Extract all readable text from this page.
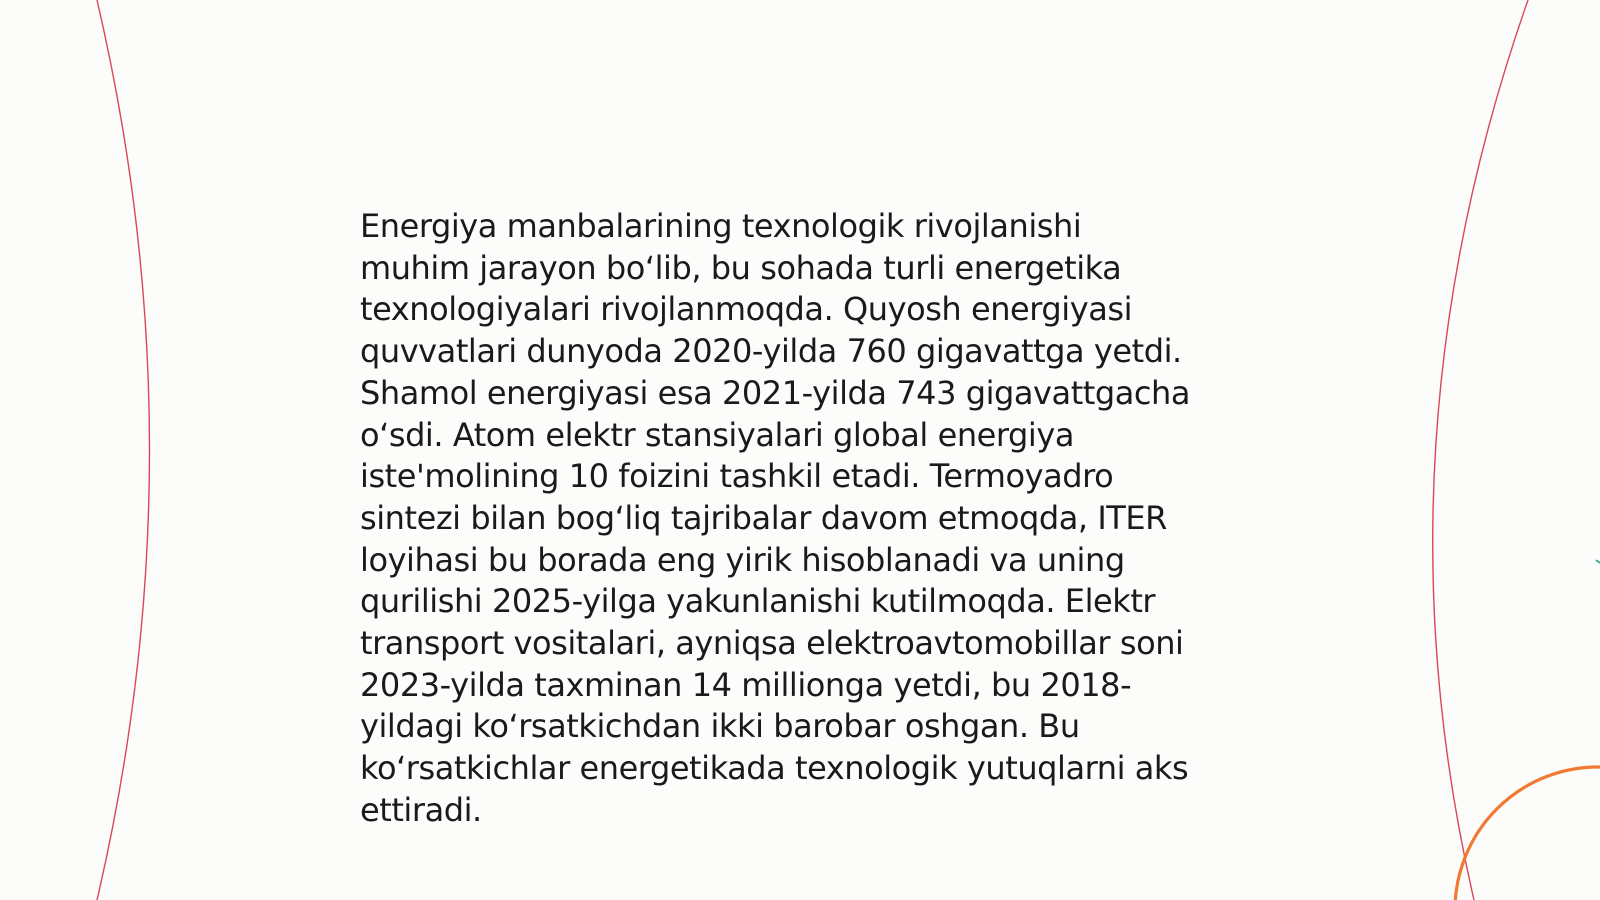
Energiya manbalarining texnologik rivojlanishi
muhim jarayon boʻlib, bu sohada turli energetika
texnologiyalari rivojlanmoqda. Quyosh energiyasi
quvvatlari dunyoda 2020-yilda 760 gigavattga yetdi.
Shamol energiyasi esa 2021-yilda 743 gigavattgacha
oʻsdi. Atom elektr stansiyalari global energiya
iste'molining 10 foizini tashkil etadi. Termoyadro
sintezi bilan bogʻliq tajribalar davom etmoqda, ITER
loyihasi bu borada eng yirik hisoblanadi va uning
qurilishi 2025-yilga yakunlanishi kutilmoqda. Elektr
transport vositalari, ayniqsa elektroavtomobillar soni
2023-yilda taxminan 14 millionga yetdi, bu 2018-
yildagi koʻrsatkichdan ikki barobar oshgan. Bu
koʻrsatkichlar energetikada texnologik yutuqlarni aks
ettiradi.
